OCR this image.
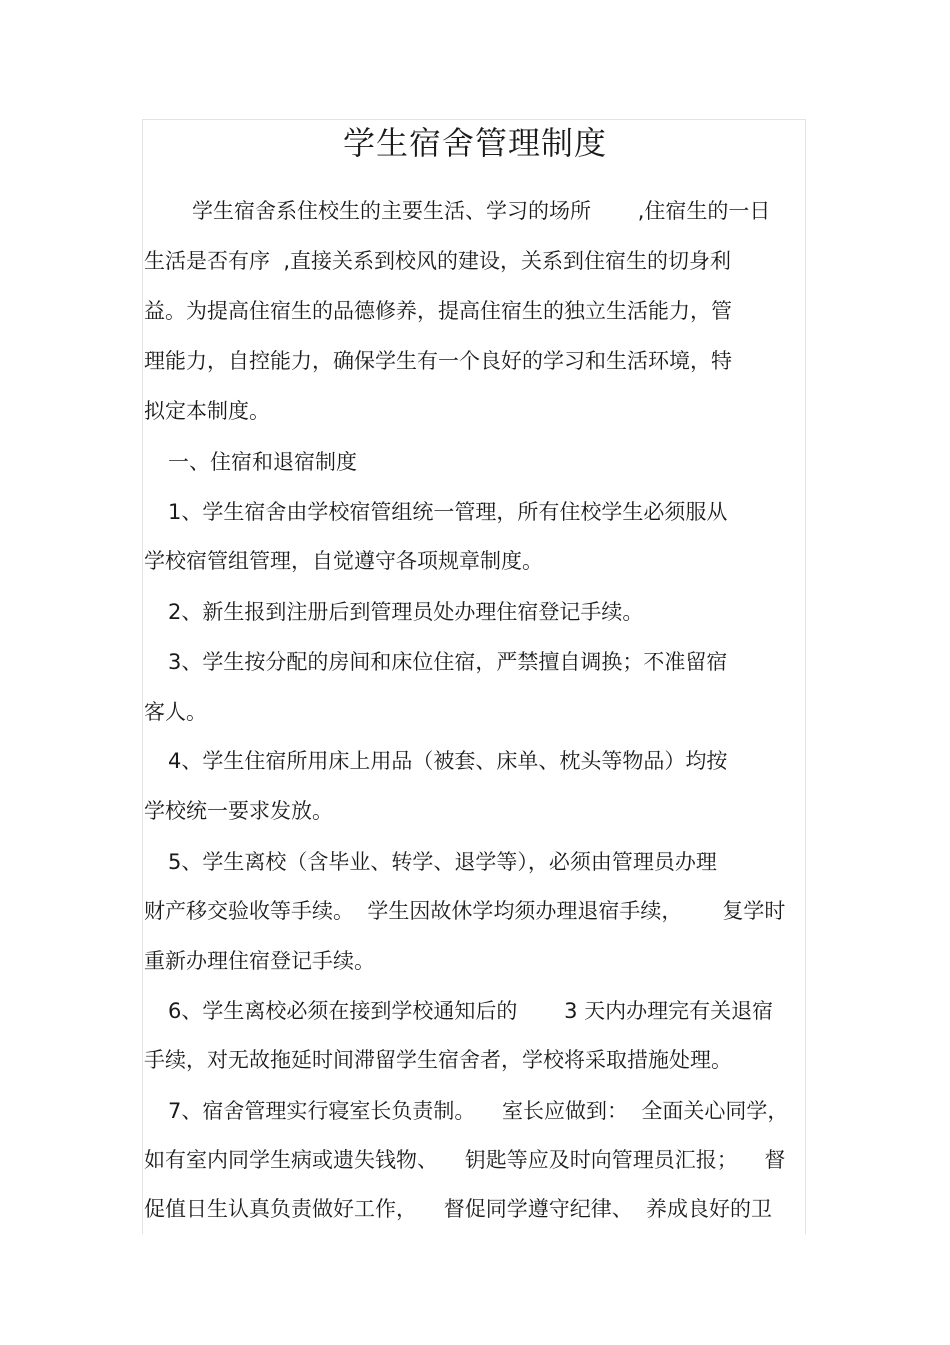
学生宿舍管理制度

学生宿舍系住校生的主要生活、学习的场所       ,住宿生的一日

生活是否有序  ,直接关系到校风的建设，关系到住宿生的切身利

益。为提高住宿生的品德修养，提高住宿生的独立生活能力，管

理能力，自控能力，确保学生有一个良好的学习和生活环境，特

拟定本制度。

一、住宿和退宿制度

1、学生宿舍由学校宿管组统一管理，所有住校学生必须服从

学校宿管组管理，自觉遵守各项规章制度。

2、新生报到注册后到管理员处办理住宿登记手续。

3、学生按分配的房间和床位住宿，严禁擅自调换；不准留宿

客人。

4、学生住宿所用床上用品（被套、床单、枕头等物品）均按

学校统一要求发放。

5、学生离校（含毕业、转学、退学等），必须由管理员办理

财产移交验收等手续。  学生因故休学均须办理退宿手续，      复学时

重新办理住宿登记手续。

6、学生离校必须在接到学校通知后的       3 天内办理完有关退宿

手续，对无故拖延时间滞留学生宿舍者，学校将采取措施处理。

7、宿舍管理实行寝室长负责制。    室长应做到：  全面关心同学，

如有室内同学生病或遗失钱物、    钥匙等应及时向管理员汇报；    督

促值日生认真负责做好工作，    督促同学遵守纪律、  养成良好的卫
